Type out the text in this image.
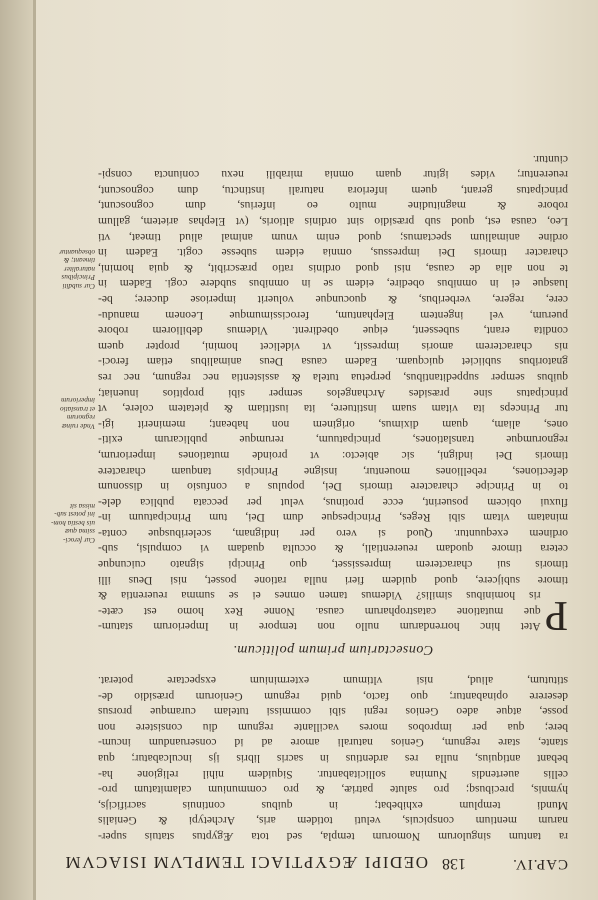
CAP.IV.
138
OEDIPI ÆGYPTIACI TEMPLVM ISIACVM
ra tantum singulorum Nomorum templa, sed tota Ægyptus statuis super-
narum mentium conspicuis, veluti totidem aris, Archetypi & Genialis
Mundi templum exhibebat; in quibus continuis sacrificijs,
hymnis, precibusq; pro salute patriæ, & pro communium calamitatum pro-
cellis auertendis Numina sollicitabantur. Siquidem nihil religione ha-
bebant antiquius, nulla res ardentius in sacris libris ijs inculcabatur; qua
stante, stare regnum, Genios naturali amore ad id conseruandum incum-
bere; qua per improbos mores vacillante regnum diu consistere non
posse, atque adeo Genios regni sibi commissi tutelam curamque prorsus
deserere opinabantur; quo facto, quid regnum Geniorum præsidio de-
stitutum, aliud, nisi vltimum exterminium exspectare poterat.
Consectarium primum politicum.
P
Atet hinc horrendarum nullo non tempore in Imperiorum statum-
que mutatione catastropharum causa. Nonne Rex homo est cæte-
ris hominibus similis? Videmus tamen omnes ei se summa reuerentia &
timore subijcere, quod quidem fieri nulla ratione posset, nisi Deus illi
timoris sui characterem impressisset, quo Principi signato cuicunque
cetera timore quodam reuerentiali, & occulta quadam vi compulsi, sub-
ordinem exequuntur. Quod si vero per indignam, sceleribusque conta-
minatam vitam sibi Reges, Principesque dum Dei, tum Principatuum in-
fluxui obicem posuerint, ecce protinus, velut per peccata publica dele-
to in Principe charactere timoris Dei, populus a confusio in dissonum
defectiones, rebelliones mouentur, insigne Principis tanquam charactere
timoris Dei indigni, sic abiecto: vt proinde mutationes imperiorum,
regnorumque translationes, principatuum, rerumque publicarum exiti-
ones, aliam, quam diximus, originem non habeant; meminerit igi-
tur Princeps ita vitam suam instituere, ita iustitiam & pietatem colere, vt
principatus sine præsides Archangelos semper sibi propitios inueniat;
quibus semper suppeditantibus, perpetua tutela & assistentia nec regnum, nec res
gnatoribus subiiciet quicquam. Eadem causa Deus animalibus etiam feroci-
nis characterem amoris impressit, vt videlicet homini, propter quem
condita erant, subessent, eique obedirent. Videmus debiliorem robore
puerum, vel ingentem Elephantum, ferocissimumque Leonem manudu-
cere, regere, verberibus, & quocunque voluerit imperiose ducere; be-
luasque ei in omnibus obedire, eidem se in omnibus subdere cogi. Eadem in
te non alia de causa, nisi quod ordinis ratio præscribit, & quia homini,
character timoris Dei impressus, omnia eidem subesse cogit. Eadem in
ordine animalium spectamus; quod enim vnum animal aliud timeat, vti
Leo, causa est, quod sub præsidio sint ordinis altioris, (vt Elephas arietem, gallum
robore & magnitudine multo eo inferius, dum cognoscunt,
principatus gerant, quem inferiora naturali instinctu, dum cognoscunt,
reuerentur; vides igitur quam omnia mirabili nexu coniuncta conspi-
ciuntur.
Cur feroci-
ssima quæ
uis bestia hom-
ini potest sub-
missa sit
Vnde ruinæ
regnorum
et translatio
imperiorum
Cur subditi
Principibus
naturaliter
timeant; &
obsequantur
